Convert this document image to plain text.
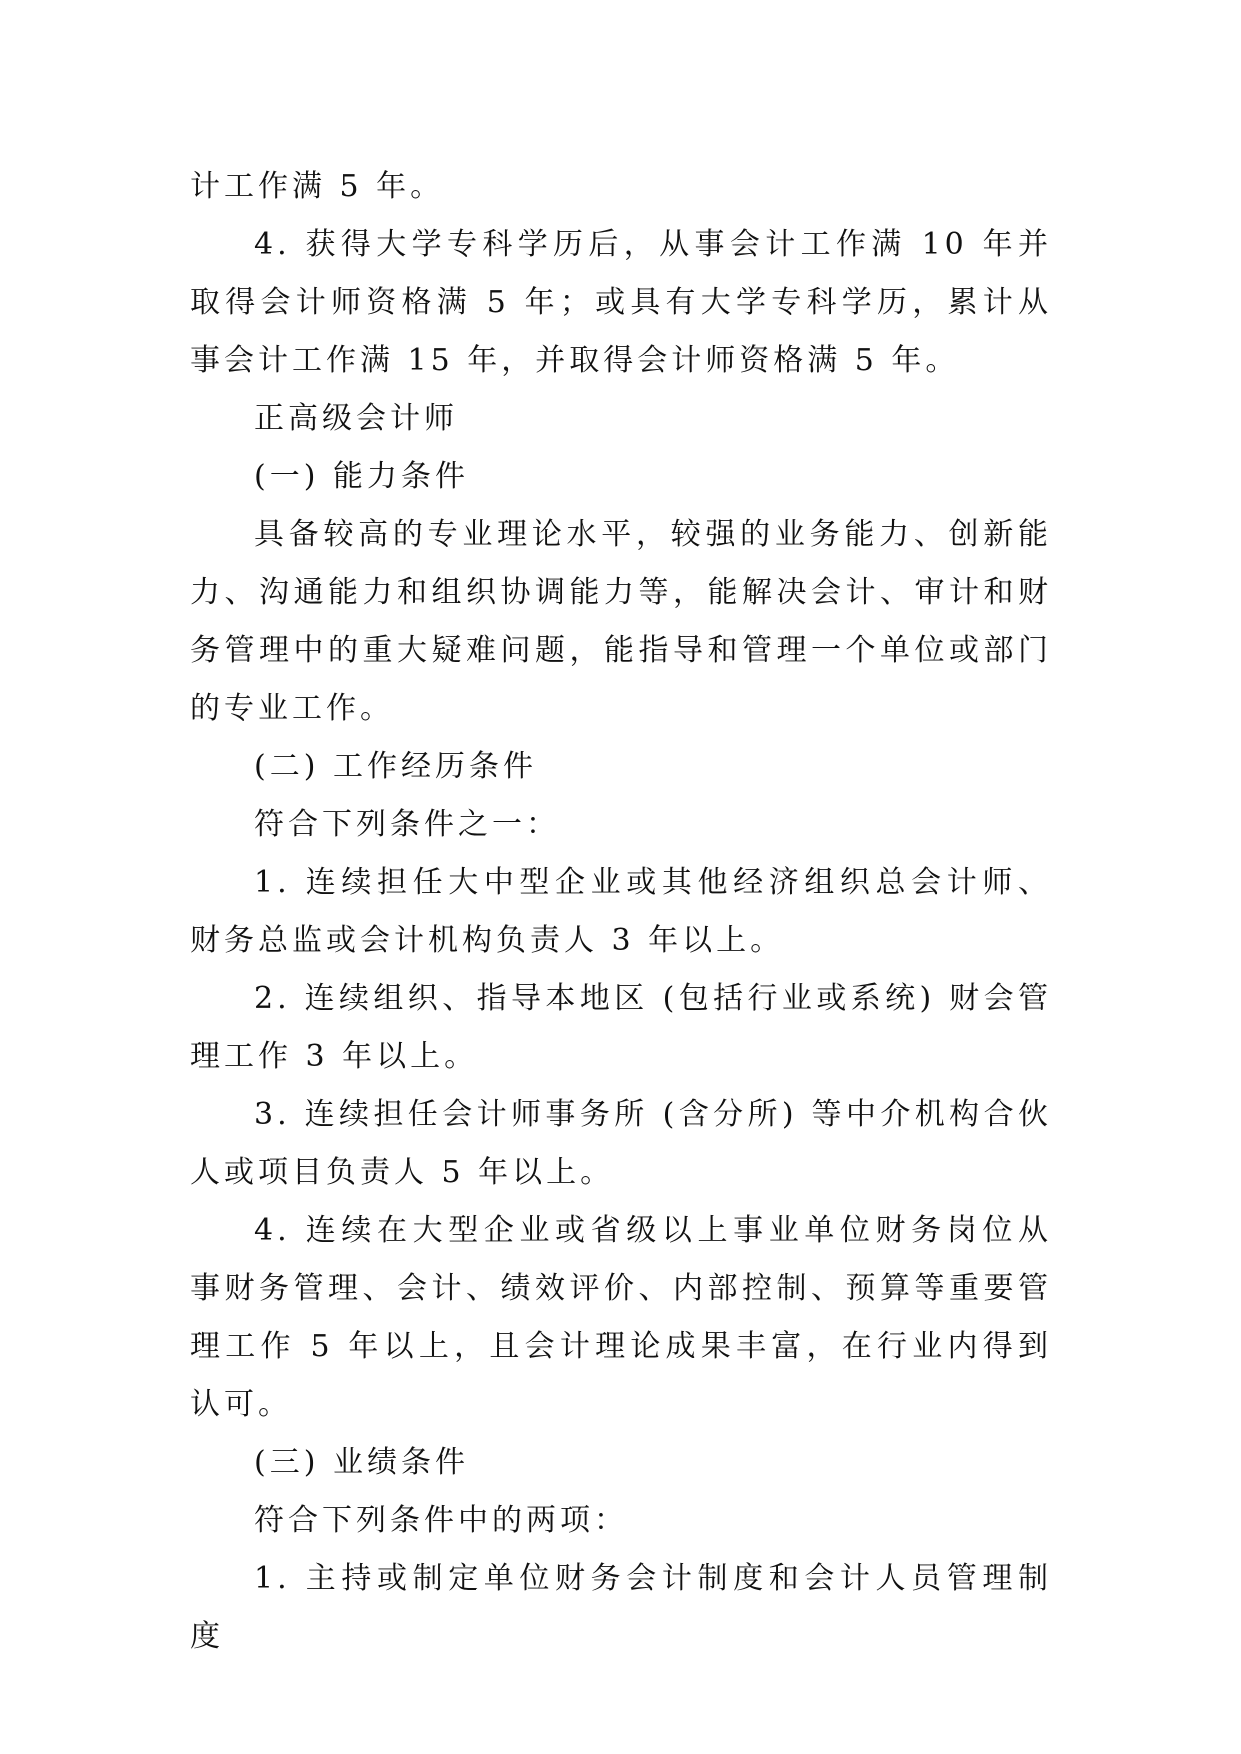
计工作满 5 年。

4. 获得大学专科学历后，从事会计工作满 10 年并取得会计师资格满 5 年；或具有大学专科学历，累计从事会计工作满 15 年，并取得会计师资格满 5 年。

正高级会计师

(一) 能力条件

具备较高的专业理论水平，较强的业务能力、创新能力、沟通能力和组织协调能力等，能解决会计、审计和财务管理中的重大疑难问题，能指导和管理一个单位或部门的专业工作。

(二) 工作经历条件

符合下列条件之一：

1. 连续担任大中型企业或其他经济组织总会计师、财务总监或会计机构负责人 3 年以上。

2. 连续组织、指导本地区 (包括行业或系统) 财会管理工作 3 年以上。

3. 连续担任会计师事务所 (含分所) 等中介机构合伙人或项目负责人 5 年以上。

4. 连续在大型企业或省级以上事业单位财务岗位从事财务管理、会计、绩效评价、内部控制、预算等重要管理工作 5 年以上，且会计理论成果丰富，在行业内得到认可。

(三) 业绩条件

符合下列条件中的两项：

1. 主持或制定单位财务会计制度和会计人员管理制度
